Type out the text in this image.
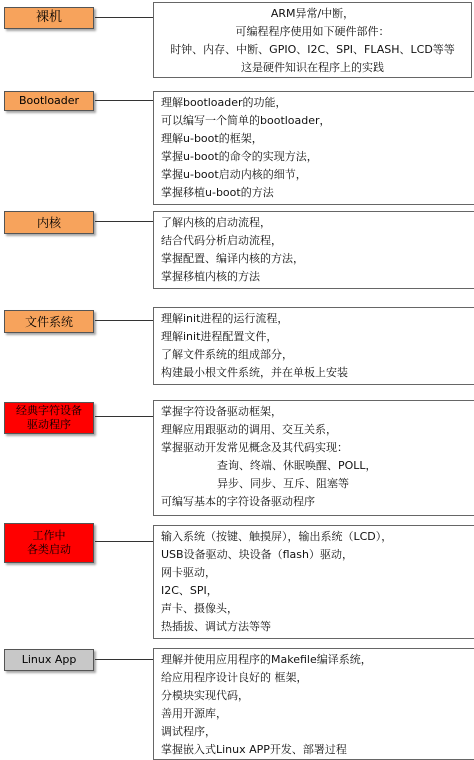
裸机	ARM异常/中断，
可编程程序使用如下硬件部件：
时钟、内存、中断、GPIO、I2C、SPI、FLASH、LCD等等
这是硬件知识在程序上的实践
Bootloader	理解bootloader的功能，
可以编写一个简单的bootloader，
理解u-boot的框架，
掌握u-boot的命令的实现方法，
掌握u-boot启动内核的细节，
掌握移植u-boot的方法
内核	了解内核的启动流程，
结合代码分析启动流程，
掌握配置、编译内核的方法，
掌握移植内核的方法
文件系统	理解init进程的运行流程，
理解init进程配置文件，
了解文件系统的组成部分，
构建最小根文件系统，并在单板上安装
经典字符设备
驱动程序
掌握字符设备驱动框架，
理解应用跟驱动的调用、交互关系，
掌握驱动开发常见概念及其代码实现：
查询、终端、休眠唤醒、POLL，
异步、同步、互斥、阻塞等
可编写基本的字符设备驱动程序
工作中
各类启动
输入系统（按键、触摸屏），输出系统（LCD），
USB设备驱动、块设备（flash）驱动，
网卡驱动，
I2C、SPI，
声卡、摄像头，
热插拔、调试方法等等
Linux App	理解并使用应用程序的Makefile编译系统，
给应用程序设计良好的 框架，
分模块实现代码，
善用开源库，
调试程序，
掌握嵌入式Linux APP开发、部署过程
